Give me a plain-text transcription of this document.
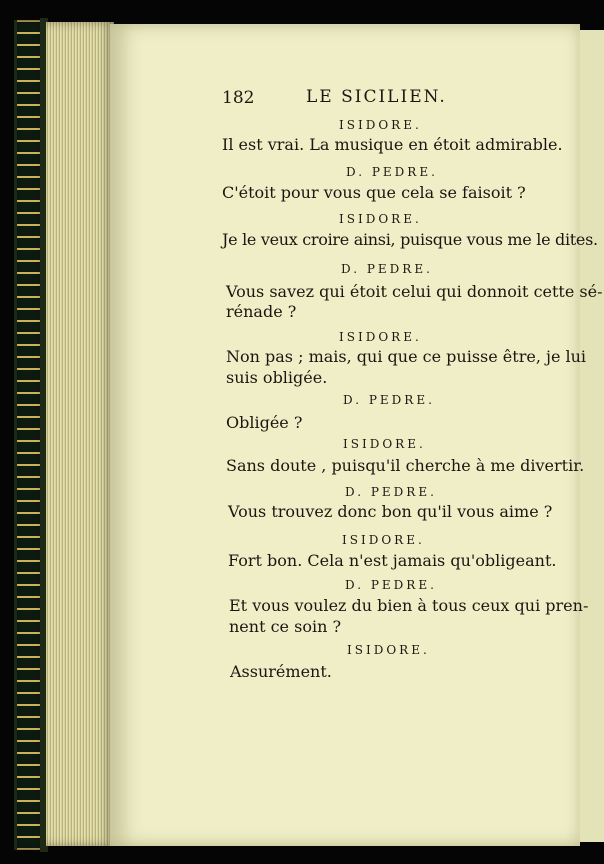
182	LE SICILIEN.
ISIDORE.
Il est vrai. La musique en étoit admirable.
D. PEDRE.
C'étoit pour vous que cela se faisoit ?
ISIDORE.
Je le veux croire ainsi, puisque vous me le dites.
D. PEDRE.
Vous savez qui étoit celui qui donnoit cette sé-
rénade ?
ISIDORE.
Non pas ; mais, qui que ce puisse être, je lui
suis obligée.
D. PEDRE.
Obligée ?
ISIDORE.
Sans doute , puisqu'il cherche à me divertir.
D. PEDRE.
Vous trouvez donc bon qu'il vous aime ?
ISIDORE.
Fort bon. Cela n'est jamais qu'obligeant.
D. PEDRE.
Et vous voulez du bien à tous ceux qui pren-
nent ce soin ?
ISIDORE.
Assurément.
